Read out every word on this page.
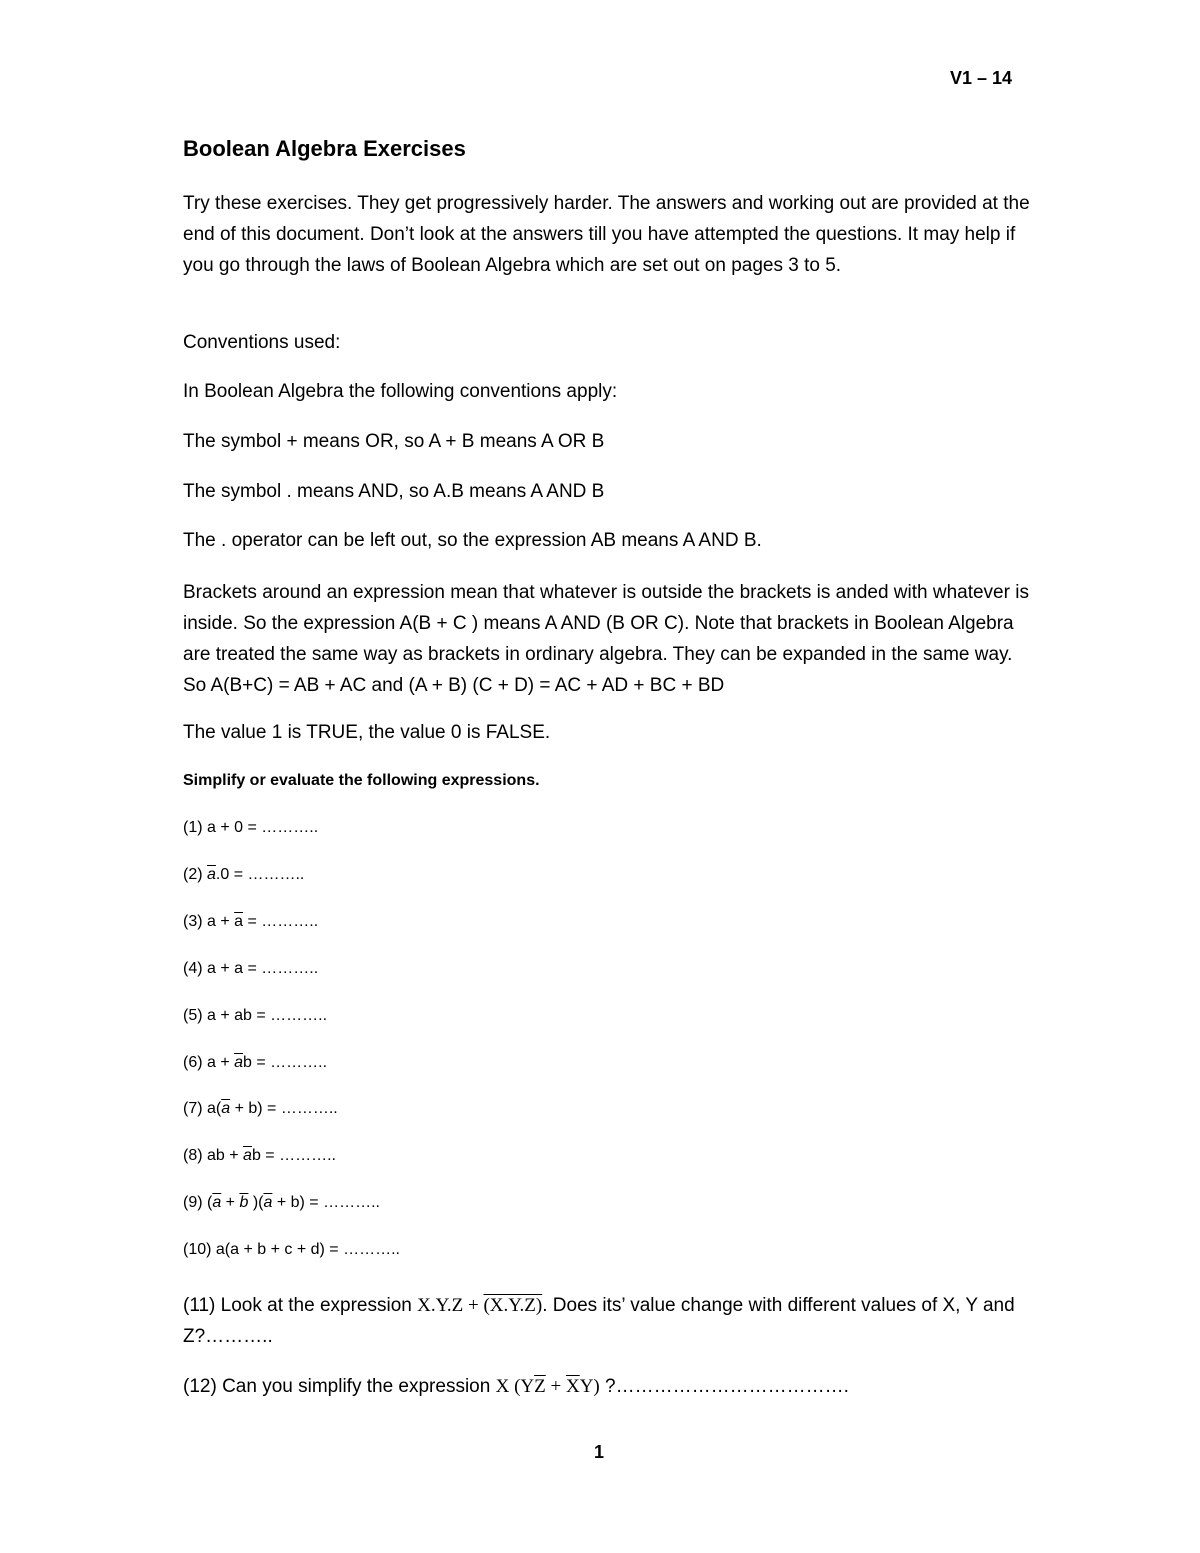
V1 – 14
Boolean Algebra Exercises

Try these exercises. They get progressively harder. The answers and working out are provided at the end of this document. Don’t look at the answers till you have attempted the questions. It may help if you go through the laws of Boolean Algebra which are set out on pages 3 to 5.

Conventions used:

In Boolean Algebra the following conventions apply:

The symbol + means OR, so A + B means A OR B

The symbol . means AND, so A.B means A AND B

The . operator can be left out, so the expression AB means A AND B.

Brackets around an expression mean that whatever is outside the brackets is anded with whatever is inside. So the expression A(B + C ) means A AND (B OR C). Note that brackets in Boolean Algebra are treated the same way as brackets in ordinary algebra. They can be expanded in the same way. So A(B+C) = AB + AC and (A + B) (C + D) = AC + AD + BC + BD

The value 1 is TRUE, the value 0 is FALSE.

Simplify or evaluate the following expressions.

(1) a + 0 = ………..

(2) $\overline{a}.0$ = ………..

(3) $a + \overline{a}$ = ………..

(4) a + a = ………..

(5) a + ab = ………..

(6) $a + \overline{a}b$ = ………..

(7) $a(\overline{a} + b)$ = ………..

(8) ab + $\overline{a}b$ = ………..

(9) ($\overline{a} + \overline{b}$ )$(\overline{a} + b)$ = ………..

(10) a(a + b + c + d) = ………..

(11) Look at the expression X.Y.Z + (X.Y.Z). Does its’ value change with different values of X, Y and Z?………..

(12) Can you simplify the expression X $(Y\overline{Z} + \overline{X}Y)$ ?……………………………….

1
